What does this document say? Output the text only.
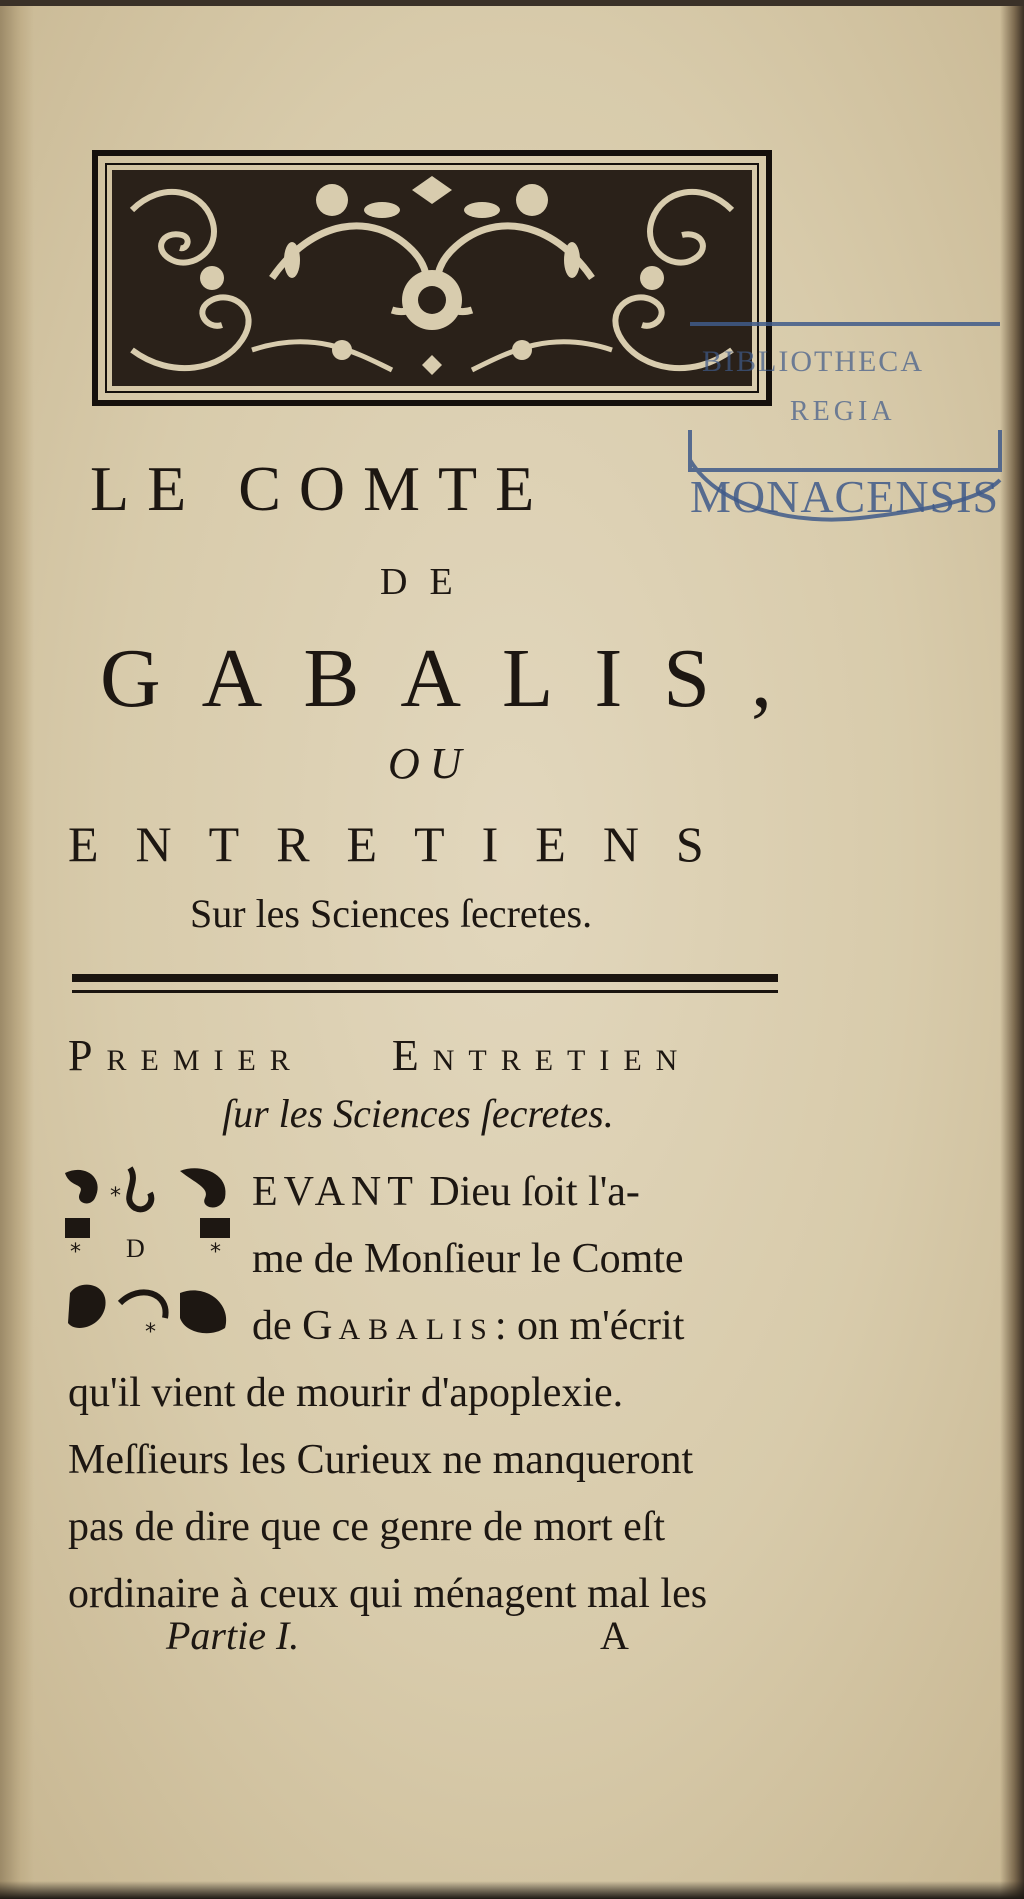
BIBLIOTHECA
REGIA
MONACENSIS
LE COMTE
DE
GABALIS,
OU
ENTRETIENS
Sur les Sciences ſecretes.
PREMIER ENTRETIEN
ſur les Sciences ſecretes.
*
*
*
*
D
EVANT Dieu ſoit l'a-
me de Monſieur le Comte
de GABALIS: on m'écrit
qu'il vient de mourir d'apoplexie.
Meſſieurs les Curieux ne manqueront
pas de dire que ce genre de mort eſt
ordinaire à ceux qui ménagent mal les
Partie I.	A
